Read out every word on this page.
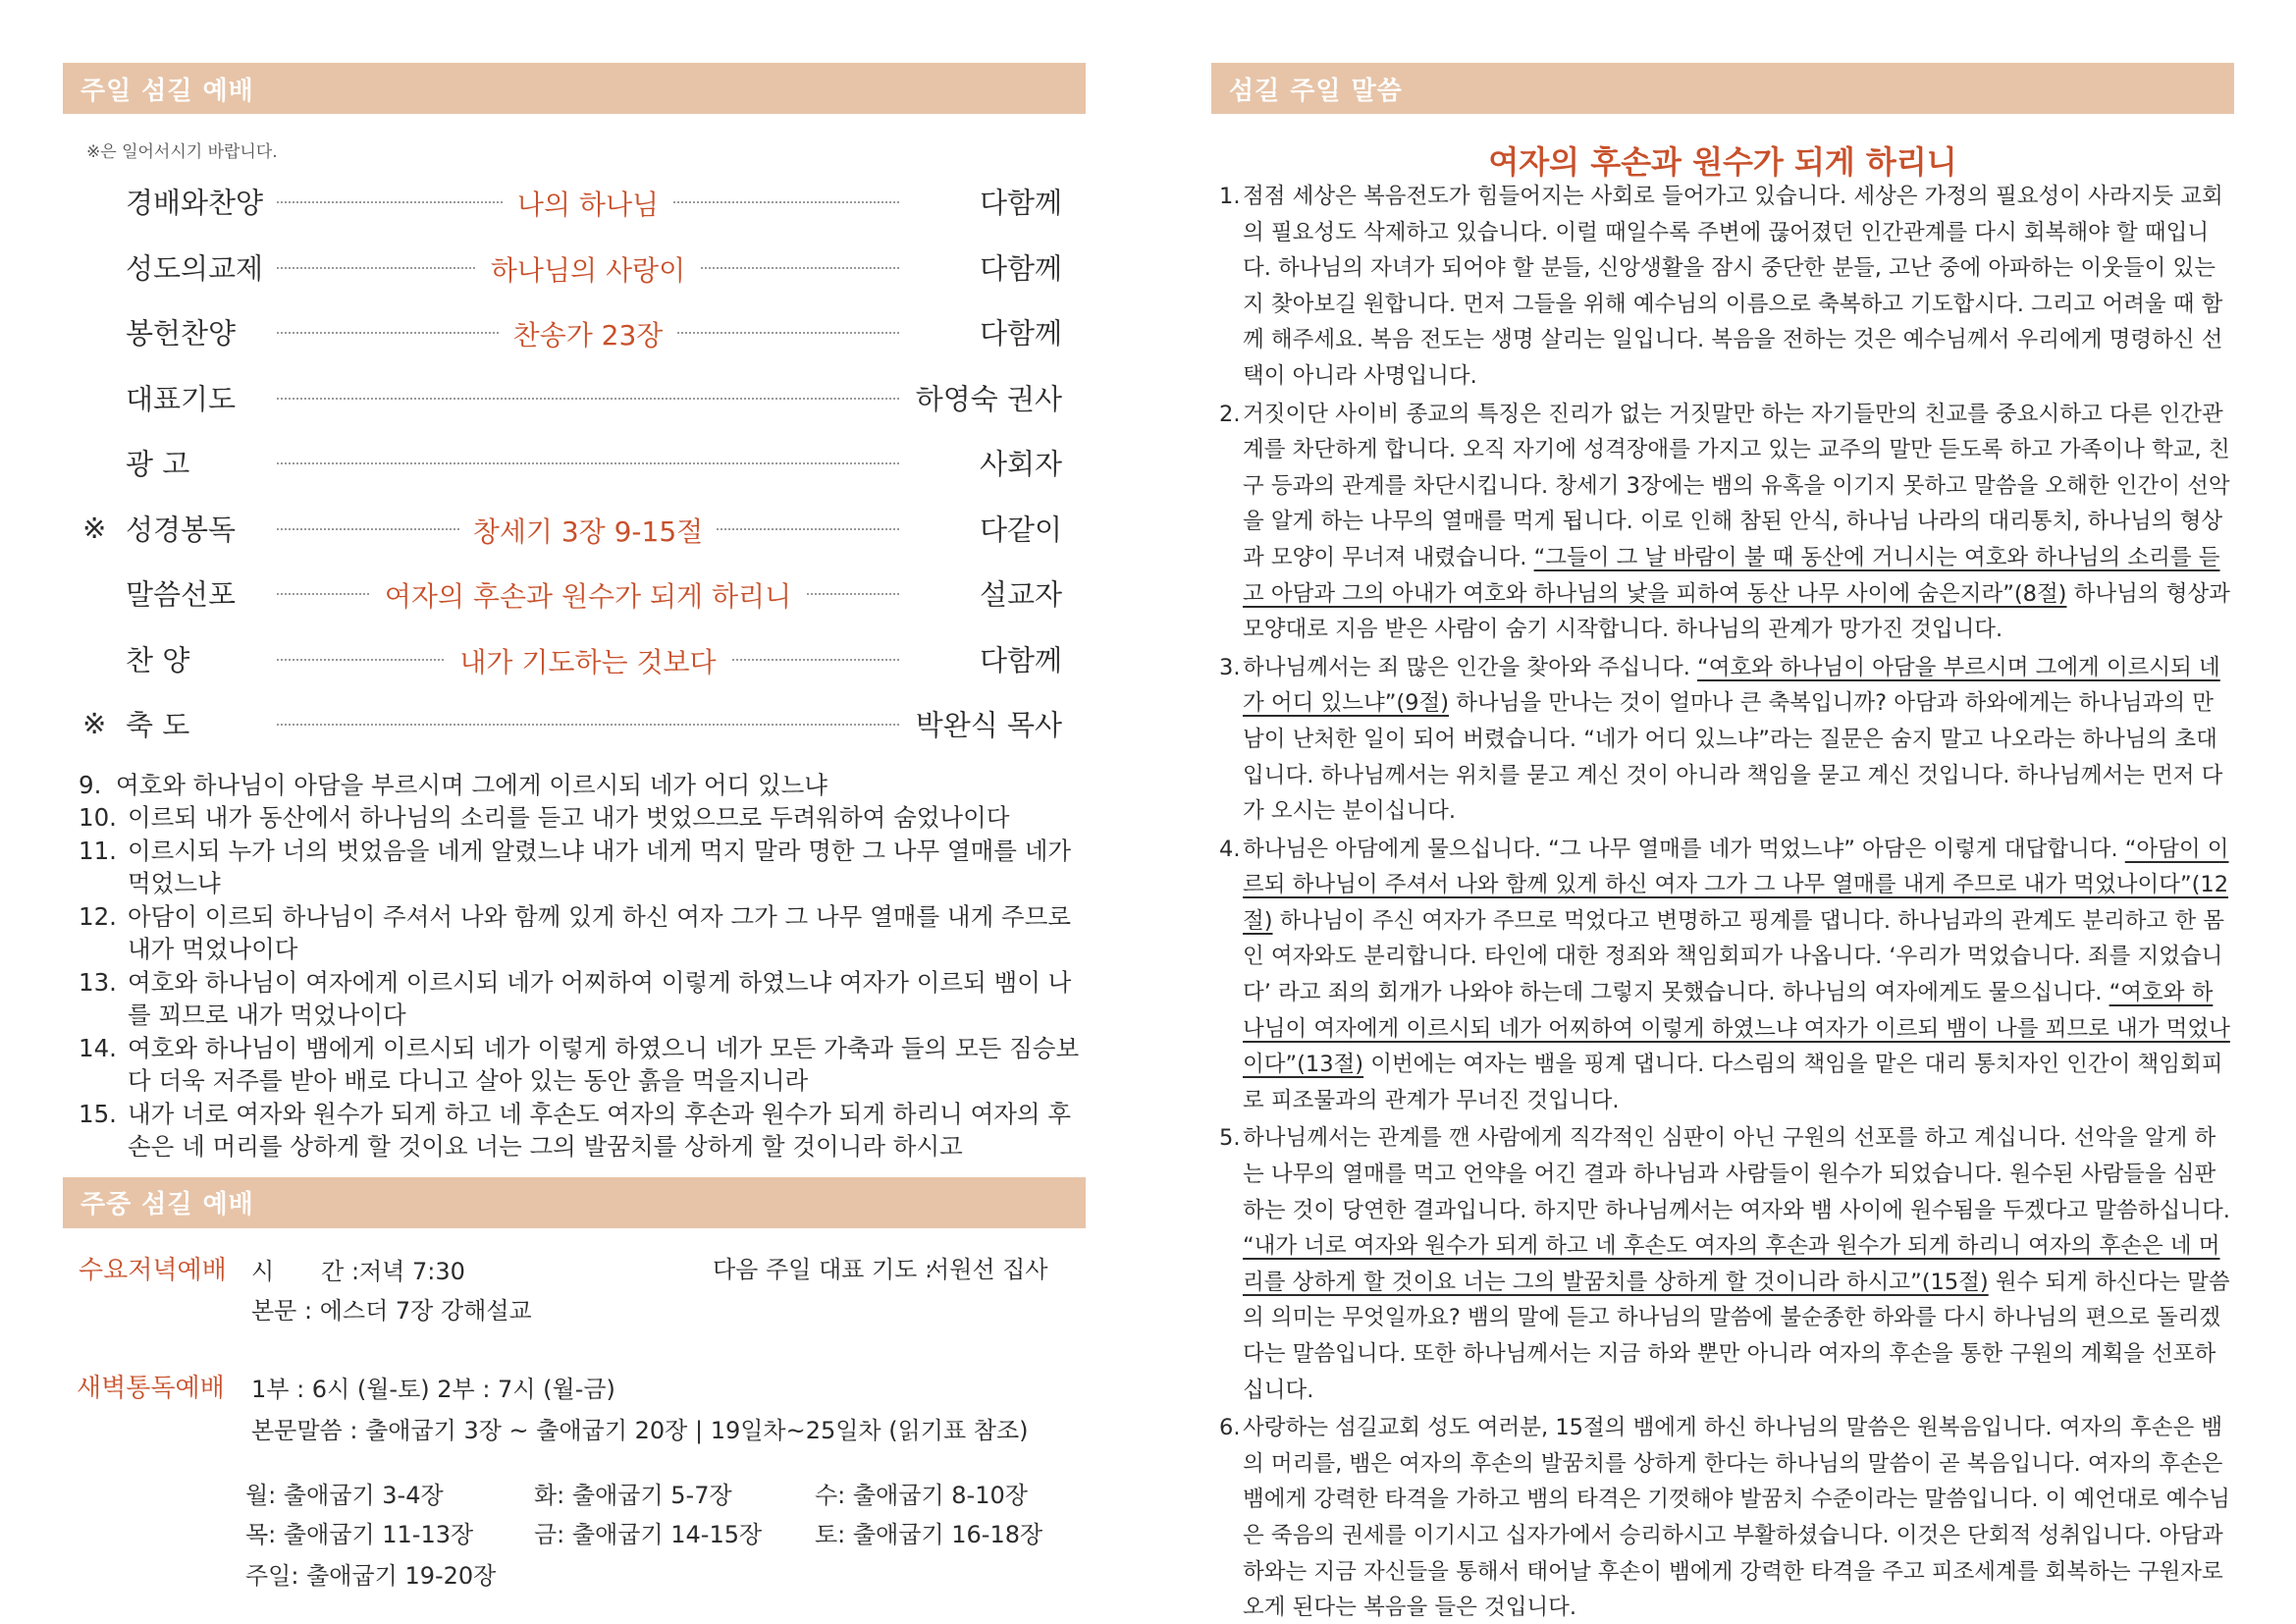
주일 섬길 예배
※은 일어서시기 바랍니다.
경배와찬양	나의 하나님	다함께
성도의교제	하나님의 사랑이	다함께
봉헌찬양	찬송가 23장	다함께
대표기도	하영숙 권사
광 고	사회자
※ 성경봉독	창세기 3장 9-15절	다같이
말씀선포	여자의 후손과 원수가 되게 하리니	설교자
찬 양	내가 기도하는 것보다	다함께
※ 축 도	박완식 목사
9. 여호와 하나님이 아담을 부르시며 그에게 이르시되 네가 어디 있느냐
10. 이르되 내가 동산에서 하나님의 소리를 듣고 내가 벗었으므로 두려워하여 숨었나이다
11. 이르시되 누가 너의 벗었음을 네게 알렸느냐 내가 네게 먹지 말라 명한 그 나무 열매를 네가 먹었느냐
12. 아담이 이르되 하나님이 주셔서 나와 함께 있게 하신 여자 그가 그 나무 열매를 내게 주므로 내가 먹었나이다
13. 여호와 하나님이 여자에게 이르시되 네가 어찌하여 이렇게 하였느냐 여자가 이르되 뱀이 나를 꾀므로 내가 먹었나이다
14. 여호와 하나님이 뱀에게 이르시되 네가 이렇게 하였으니 네가 모든 가축과 들의 모든 짐승보다 더욱 저주를 받아 배로 다니고 살아 있는 동안 흙을 먹을지니라
15. 내가 너로 여자와 원수가 되게 하고 네 후손도 여자의 후손과 원수가 되게 하리니 여자의 후손은 네 머리를 상하게 할 것이요 너는 그의 발꿈치를 상하게 할 것이니라 하시고
주중 섬길 예배
수요저녁예배 시　　간 : 저녁 7:30	다음 주일 대표 기도 :
서원선 집사
본문 : 에스더 7장 강해설교
새벽통독예배 1부 : 6시 (월-토) 2부 : 7시 (월-금)
본문말씀 : 출애굽기 3장 ~ 출애굽기 20장 | 19일차~25일차 (읽기표 참조)
월: 출애굽기 3-4장	화: 출애굽기 5-7장	수: 출애굽기 8-10장
목: 출애굽기 11-13장	금: 출애굽기 14-15장 토: 출애굽기 16-18장
주일: 출애굽기 19-20장
섬길 주일 말씀
여자의 후손과 원수가 되게 하리니
1. 점점 세상은 복음전도가 힘들어지는 사회로 들어가고 있습니다. 세상은 가정의 필요성이 사라지듯 교회의 필요성도 삭제하고 있습니다. 이럴 때일수록 주변에 끊어졌던 인간관계를 다시 회복해야 할 때입니다. 하나님의 자녀가 되어야 할 분들, 신앙생활을 잠시 중단한 분들, 고난 중에 아파하는 이웃들이 있는지 찾아보길 원합니다. 먼저 그들을 위해 예수님의 이름으로 축복하고 기도합시다. 그리고 어려울 때 함께 해주세요. 복음 전도는 생명 살리는 일입니다. 복음을 전하는 것은 예수님께서 우리에게 명령하신 선택이 아니라 사명입니다.
2. 거짓이단 사이비 종교의 특징은 진리가 없는 거짓말만 하는 자기들만의 친교를 중요시하고 다른 인간관계를 차단하게 합니다. 오직 자기에 성격장애를 가지고 있는 교주의 말만 듣도록 하고 가족이나 학교, 친구 등과의 관계를 차단시킵니다. 창세기 3장에는 뱀의 유혹을 이기지 못하고 말씀을 오해한 인간이 선악을 알게 하는 나무의 열매를 먹게 됩니다. 이로 인해 참된 안식, 하나님 나라의 대리통치, 하나님의 형상과 모양이 무너져 내렸습니다. “그들이 그 날 바람이 불 때 동산에 거니시는 여호와 하나님의 소리를 듣고 아담과 그의 아내가 여호와 하나님의 낯을 피하여 동산 나무 사이에 숨은지라”(8절) 하나님의 형상과 모양대로 지음 받은 사람이 숨기 시작합니다. 하나님의 관계가 망가진 것입니다.
3. 하나님께서는 죄 많은 인간을 찾아와 주십니다. “여호와 하나님이 아담을 부르시며 그에게 이르시되 네가 어디 있느냐”(9절) 하나님을 만나는 것이 얼마나 큰 축복입니까? 아담과 하와에게는 하나님과의 만남이 난처한 일이 되어 버렸습니다. “네가 어디 있느냐”라는 질문은 숨지 말고 나오라는 하나님의 초대입니다. 하나님께서는 위치를 묻고 계신 것이 아니라 책임을 묻고 계신 것입니다. 하나님께서는 먼저 다가 오시는 분이십니다.
4. 하나님은 아담에게 물으십니다. “그 나무 열매를 네가 먹었느냐” 아담은 이렇게 대답합니다. “아담이 이르되 하나님이 주셔서 나와 함께 있게 하신 여자 그가 그 나무 열매를 내게 주므로 내가 먹었나이다”(12절) 하나님이 주신 여자가 주므로 먹었다고 변명하고 핑계를 댑니다. 하나님과의 관계도 분리하고 한 몸인 여자와도 분리합니다. 타인에 대한 정죄와 책임회피가 나옵니다. ‘우리가 먹었습니다. 죄를 지었습니다’ 라고 죄의 회개가 나와야 하는데 그렇지 못했습니다. 하나님의 여자에게도 물으십니다. “여호와 하나님이 여자에게 이르시되 네가 어찌하여 이렇게 하였느냐 여자가 이르되 뱀이 나를 꾀므로 내가 먹었나이다”(13절) 이번에는 여자는 뱀을 핑계 댑니다. 다스림의 책임을 맡은 대리 통치자인 인간이 책임회피로 피조물과의 관계가 무너진 것입니다.
5. 하나님께서는 관계를 깬 사람에게 직각적인 심판이 아닌 구원의 선포를 하고 계십니다. 선악을 알게 하는 나무의 열매를 먹고 언약을 어긴 결과 하나님과 사람들이 원수가 되었습니다. 원수된 사람들을 심판하는 것이 당연한 결과입니다. 하지만 하나님께서는 여자와 뱀 사이에 원수됨을 두겠다고 말씀하십니다. “내가 너로 여자와 원수가 되게 하고 네 후손도 여자의 후손과 원수가 되게 하리니 여자의 후손은 네 머리를 상하게 할 것이요 너는 그의 발꿈치를 상하게 할 것이니라 하시고”(15절) 원수 되게 하신다는 말씀의 의미는 무엇일까요? 뱀의 말에 듣고 하나님의 말씀에 불순종한 하와를 다시 하나님의 편으로 돌리겠다는 말씀입니다. 또한 하나님께서는 지금 하와 뿐만 아니라 여자의 후손을 통한 구원의 계획을 선포하십니다.
6. 사랑하는 섬길교회 성도 여러분, 15절의 뱀에게 하신 하나님의 말씀은 원복음입니다. 여자의 후손은 뱀의 머리를, 뱀은 여자의 후손의 발꿈치를 상하게 한다는 하나님의 말씀이 곧 복음입니다. 여자의 후손은 뱀에게 강력한 타격을 가하고 뱀의 타격은 기껏해야 발꿈치 수준이라는 말씀입니다. 이 예언대로 예수님은 죽음의 권세를 이기시고 십자가에서 승리하시고 부활하셨습니다. 이것은 단회적 성취입니다. 아담과 하와는 지금 자신들을 통해서 태어날 후손이 뱀에게 강력한 타격을 주고 피조세계를 회복하는 구원자로 오게 된다는 복음을 들은 것입니다.
